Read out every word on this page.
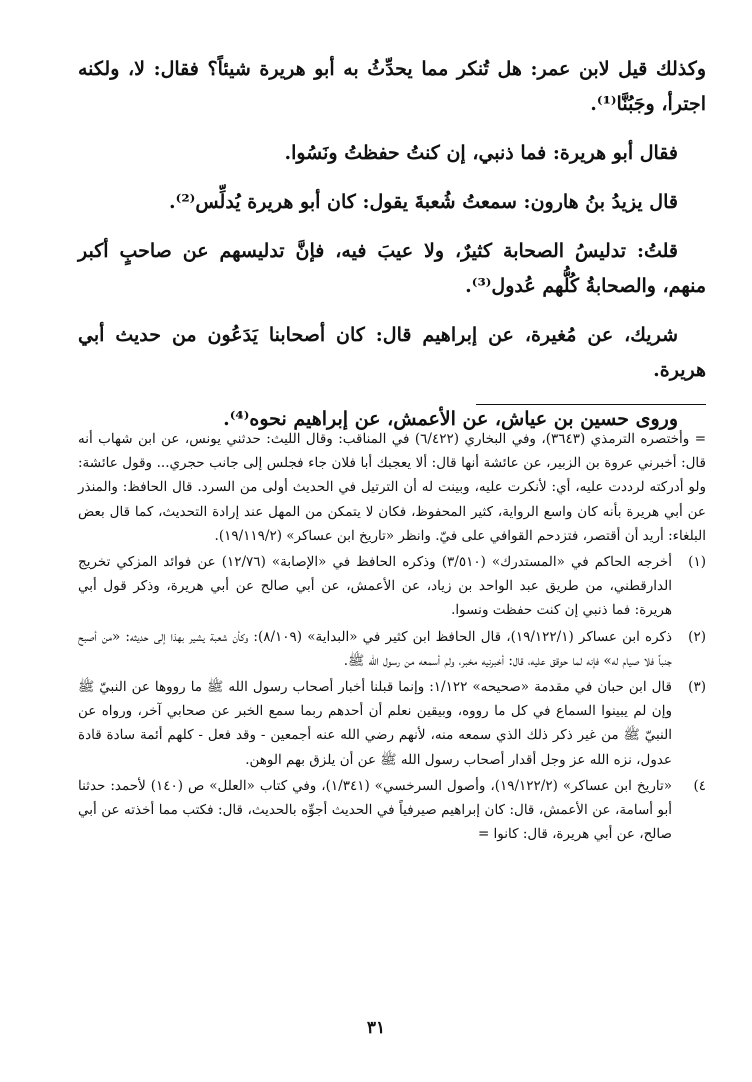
وكذلك قيل لابن عمر: هل تُنكر مما يحدِّثُ به أبو هريرة شيئاً؟ فقال: لا، ولكنه اجترأ، وجَبُنَّا⁽¹⁾.

فقال أبو هريرة: فما ذنبي، إن كنتُ حفظتُ ونَسُوا.

قال يزيدُ بنُ هارون: سمعتُ شُعبةَ يقول: كان أبو هريرة يُدلِّس⁽²⁾.

قلتُ: تدليسُ الصحابة كثيرٌ، ولا عيبَ فيه، فإنَّ تدليسهم عن صاحبٍ أكبر منهم، والصحابةُ كُلُّهم عُدول⁽³⁾.

شريك، عن مُغيرة، عن إبراهيم قال: كان أصحابنا يَدَعُون من حديث أبي هريرة.

وروى حسين بن عياش، عن الأعمش، عن إبراهيم نحوه⁽⁴⁾.

= وأختصره الترمذي (٣٦٤٣)، وفي البخاري (٦/٤٢٢) في المناقب: وقال الليث: حدثني يونس، عن ابن شهاب أنه قال: أخبرني عروة بن الزبير، عن عائشة أنها قال: ألا يعجبك أبا فلان جاء فجلس إلى جانب حجري... وقول عائشة: ولو أدركته لرددت عليه، أي: لأنكرت عليه، وبينت له أن الترتيل في الحديث أولى من السرد. قال الحافظ: والمنذر عن أبي هريرة بأنه كان واسع الرواية، كثير المحفوظ، فكان لا يتمكن من المهل عند إرادة التحديث، كما قال بعض البلغاء: أريد أن أقتصر، فتزدحم القوافي على فيّ. وانظر «تاريخ ابن عساكر» (١٩/١١٩/٢).
(١)
أخرجه الحاكم في «المستدرك» (٣/٥١٠) وذكره الحافظ في «الإصابة» (١٢/٧٦) عن فوائد المزكي تخريج الدارقطني، من طريق عبد الواحد بن زياد، عن الأعمش، عن أبي صالح عن أبي هريرة، وذكر قول أبي هريرة: فما ذنبي إن كنت حفظت ونسوا.
(٢)
ذكره ابن عساكر (١٩/١٢٢/١)، قال الحافظ ابن كثير في «البداية» (٨/١٠٩): وكأن شعبة يشير بهذا إلى حديثه: «من أصبح جنباً فلا صيام له» فإنه لما حوقق عليه، قال: أخبرنيه مخبر، ولم أسمعه من رسول الله ﷺ.
(٣)
قال ابن حبان في مقدمة «صحيحه» ١/١٢٢: وإنما قبلنا أخبار أصحاب رسول الله ﷺ ما رووها عن النبيّ ﷺ وإن لم يبينوا السماع في كل ما رووه، وبيقين نعلم أن أحدهم ربما سمع الخبر عن صحابي آخر، ورواه عن النبيّ ﷺ من غير ذكر ذلك الذي سمعه منه، لأنهم رضي الله عنه أجمعين - وقد فعل - كلهم أئمة سادة قادة عدول، نزه الله عز وجل أقدار أصحاب رسول الله ﷺ عن أن يلزق بهم الوهن.
٤)
«تاريخ ابن عساكر» (١٩/١٢٢/٢)، وأصول السرخسي» (١/٣٤١)، وفي كتاب «العلل» ص (١٤٠) لأحمد: حدثنا أبو أسامة، عن الأعمش، قال: كان إبراهيم صيرفياً في الحديث أجوِّه بالحديث، قال: فكتب مما أخذته عن أبي صالح، عن أبي هريرة، قال: كانوا =
٣١
